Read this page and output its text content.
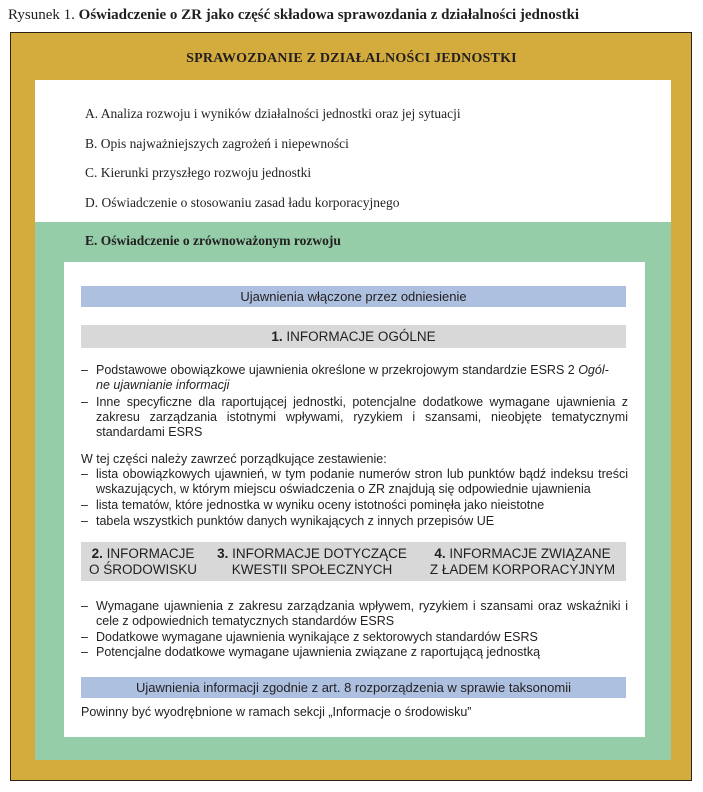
Rysunek 1. Oświadczenie o ZR jako część składowa sprawozdania z działalności jednostki
SPRAWOZDANIE Z DZIAŁALNOŚCI JEDNOSTKI
A. Analiza rozwoju i wyników działalności jednostki oraz jej sytuacji
B. Opis najważniejszych zagrożeń i niepewności
C. Kierunki przyszłego rozwoju jednostki
D. Oświadczenie o stosowaniu zasad ładu korporacyjnego
E. Oświadczenie o zrównoważonym rozwoju
Ujawnienia włączone przez odniesienie
1. INFORMACJE OGÓLNE
– Podstawowe obowiązkowe ujawnienia określone w przekrojowym standardzie ESRS 2 Ogól-
ne ujawnianie informacji
– Inne specyficzne dla raportującej jednostki, potencjalne dodatkowe wymagane ujawnienia z zakresu zarządzania istotnymi wpływami, ryzykiem i szansami, nieobjęte tematycznymi standardami ESRS
W tej części należy zawrzeć porządkujące zestawienie:
– lista obowiązkowych ujawnień, w tym podanie numerów stron lub punktów bądź indeksu treści wskazujących, w którym miejscu oświadczenia o ZR znajdują się odpowiednie ujawnienia
– lista tematów, które jednostka w wyniku oceny istotności pominęła jako nieistotne
– tabela wszystkich punktów danych wynikających z innych przepisów UE
2. INFORMACJE
O ŚRODOWISKU
3. INFORMACJE DOTYCZĄCE
KWESTII SPOŁECZNYCH
4. INFORMACJE ZWIĄZANE
Z ŁADEM KORPORACYJNYM
– Wymagane ujawnienia z zakresu zarządzania wpływem, ryzykiem i szansami oraz wskaźniki i cele z odpowiednich tematycznych standardów ESRS
– Dodatkowe wymagane ujawnienia wynikające z sektorowych standardów ESRS
– Potencjalne dodatkowe wymagane ujawnienia związane z raportującą jednostką
Ujawnienia informacji zgodnie z art. 8 rozporządzenia w sprawie taksonomii
Powinny być wyodrębnione w ramach sekcji „Informacje o środowisku”
